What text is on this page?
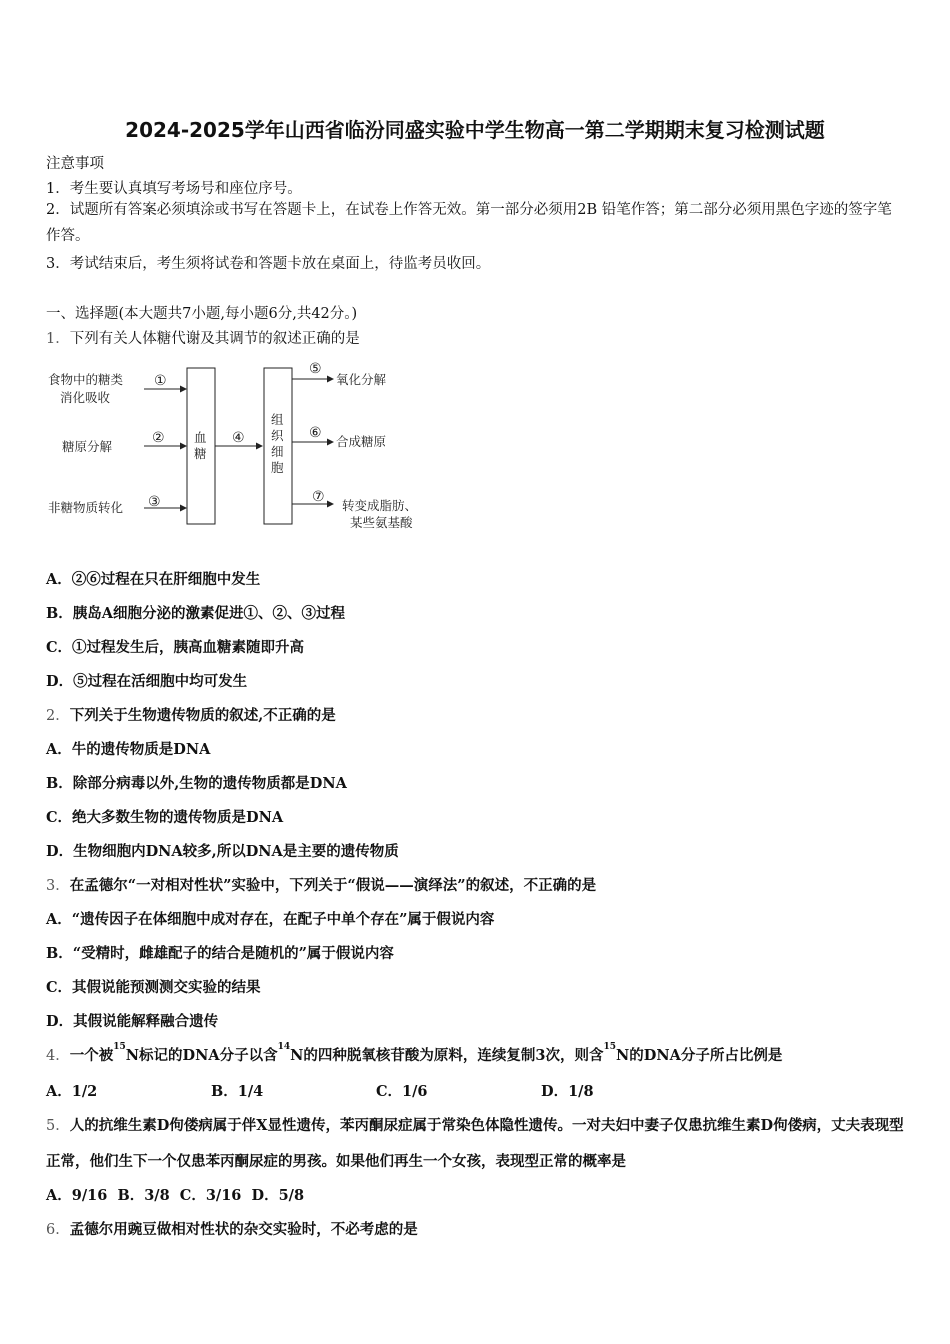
2024-2025学年山西省临汾同盛实验中学生物高一第二学期期末复习检测试题
注意事项
1．考生要认真填写考场号和座位序号。
2．试题所有答案必须填涂或书写在答题卡上，在试卷上作答无效。第一部分必须用2B 铅笔作答；第二部分必须用黑色字迹的签字笔作答。
3．考试结束后，考生须将试卷和答题卡放在桌面上，待监考员收回。
一、选择题(本大题共7小题,每小题6分,共42分。)
1．下列有关人体糖代谢及其调节的叙述正确的是
食物中的糖类
消化吸收
糖原分解
非糖物质转化
①
②
③
血
糖
④
组
织
细
胞
⑤
⑥
⑦
氧化分解
合成糖原
转变成脂肪、
某些氨基酸
A．②⑥过程在只在肝细胞中发生
B．胰岛A细胞分泌的激素促进①、②、③过程
C．①过程发生后，胰高血糖素随即升高
D．⑤过程在活细胞中均可发生
2．下列关于生物遗传物质的叙述,不正确的是
A．牛的遗传物质是DNA
B．除部分病毒以外,生物的遗传物质都是DNA
C．绝大多数生物的遗传物质是DNA
D．生物细胞内DNA较多,所以DNA是主要的遗传物质
3．在孟德尔“一对相对性状”实验中，下列关于“假说——演绎法”的叙述，不正确的是
A．“遗传因子在体细胞中成对存在，在配子中单个存在”属于假说内容
B．“受精时，雌雄配子的结合是随机的”属于假说内容
C．其假说能预测测交实验的结果
D．其假说能解释融合遗传
4．一个被$^{15}$N标记的DNA分子以含$^{14}$N的四种脱氧核苷酸为原料，连续复制3次，则含$^{15}$N的DNA分子所占比例是
A．1/2	B．1/4	C．1/6	D．1/8
5．人的抗维生素D佝偻病属于伴X显性遗传，苯丙酮尿症属于常染色体隐性遗传。一对夫妇中妻子仅患抗维生素D佝偻病，丈夫表现型正常，他们生下一个仅患苯丙酮尿症的男孩。如果他们再生一个女孩，表现型正常的概率是
A．9/16 B．3/8 C．3/16 D．5/8
6．孟德尔用豌豆做相对性状的杂交实验时，不必考虑的是
